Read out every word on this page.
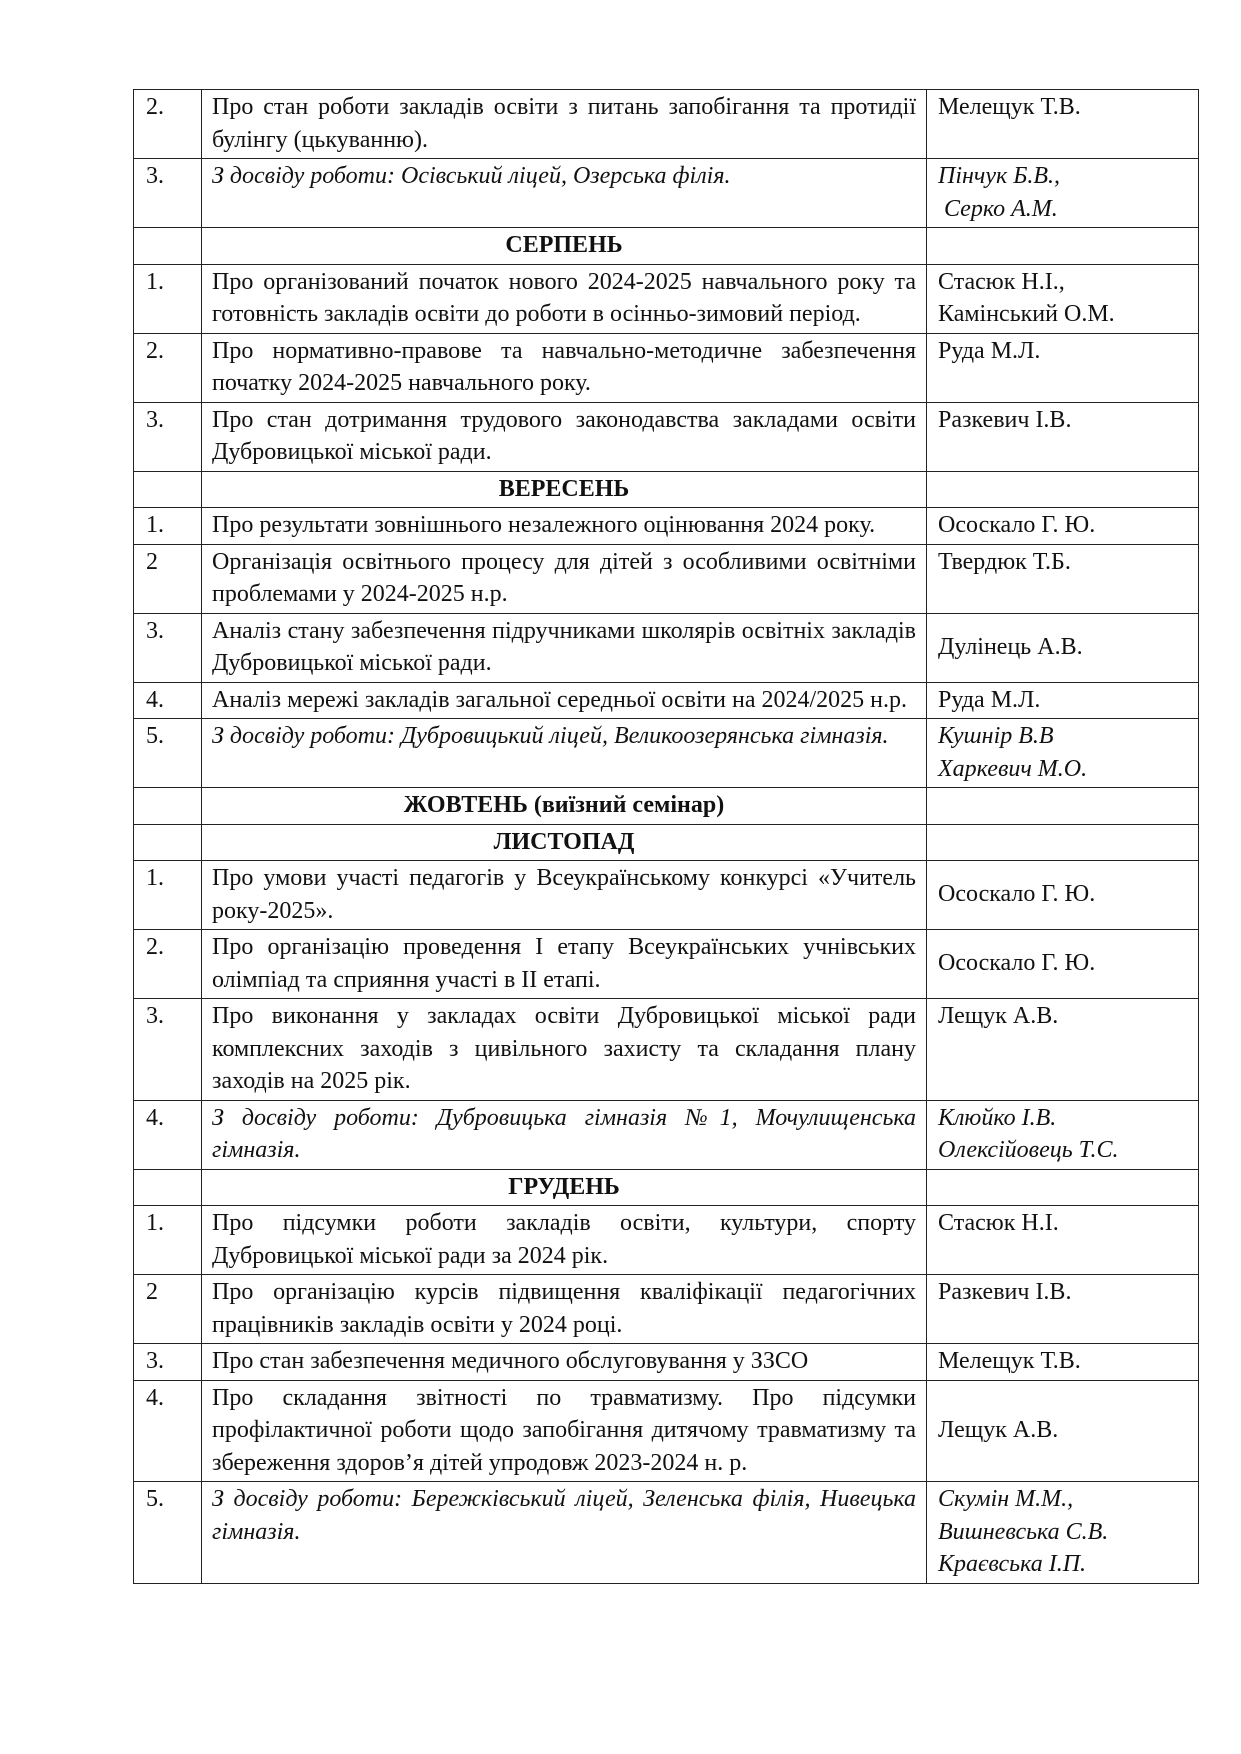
2.	Про стан роботи закладів освіти з питань запобігання та протидії булінгу (цькуванню).	Мелещук Т.В.

3.	З досвіду роботи: Осівський ліцей, Озерська філія.	Пінчук Б.В.,
Серко А.М.

	СЕРПЕНЬ	
1.	Про організований початок нового 2024-2025 навчального року та готовність закладів освіти до роботи в осінньо-зимовий період.	Стасюк Н.І.,
Камінський О.М.

2.	Про нормативно-правове та навчально-методичне забезпечення початку 2024-2025 навчального року.	Руда М.Л.

3.	Про стан дотримання трудового законодавства закладами освіти Дубровицької міської ради.	Разкевич І.В.

	ВЕРЕСЕНЬ	
1.	Про результати зовнішнього незалежного оцінювання 2024 року.	Ососкало Г. Ю.

2	Організація освітнього процесу для дітей з особливими освітніми проблемами у 2024-2025 н.р.	Твердюк Т.Б.

3.	Аналіз стану забезпечення підручниками школярів освітніх закладів Дубровицької міської ради.	Дулінець А.В.

4.	Аналіз мережі закладів загальної середньої освіти на 2024/2025 н.р.	Руда М.Л.

5.	З досвіду роботи: Дубровицький ліцей, Великоозерянська гімназія.	Кушнір В.В
Харкевич М.О.

	ЖОВТЕНЬ (виїзний семінар)	
	ЛИСТОПАД	
1.	Про умови участі педагогів у Всеукраїнському конкурсі «Учитель року-2025».	Ососкало Г. Ю.

2.	Про організацію проведення І етапу Всеукраїнських учнівських олімпіад та сприяння участі в ІІ етапі.	Ососкало Г. Ю.

3.	Про виконання у закладах освіти Дубровицької міської ради комплексних заходів з цивільного захисту та складання плану заходів на 2025 рік.	Лещук А.В.

4.	З досвіду роботи: Дубровицька гімназія №1, Мочулищенська гімназія.	Клюйко І.В.
Олексійовець Т.С.

	ГРУДЕНЬ	
1.	Про підсумки роботи закладів освіти, культури, спорту Дубровицької міської ради за 2024 рік.	Стасюк Н.І.

2	Про організацію курсів підвищення кваліфікації педагогічних працівників закладів освіти у 2024 році.	Разкевич І.В.

3.	Про стан забезпечення медичного обслуговування у ЗЗСО	Мелещук Т.В.

4.	Про складання звітності по травматизму. Про підсумки профілактичної роботи щодо запобігання дитячому травматизму та збереження здоровʼя дітей упродовж 2023-2024 н. р.	Лещук А.В.

5.	З досвіду роботи: Бережківський ліцей, Зеленська філія, Нивецька гімназія.	Скумін М.М.,
Вишневська С.В.
Краєвська І.П.
